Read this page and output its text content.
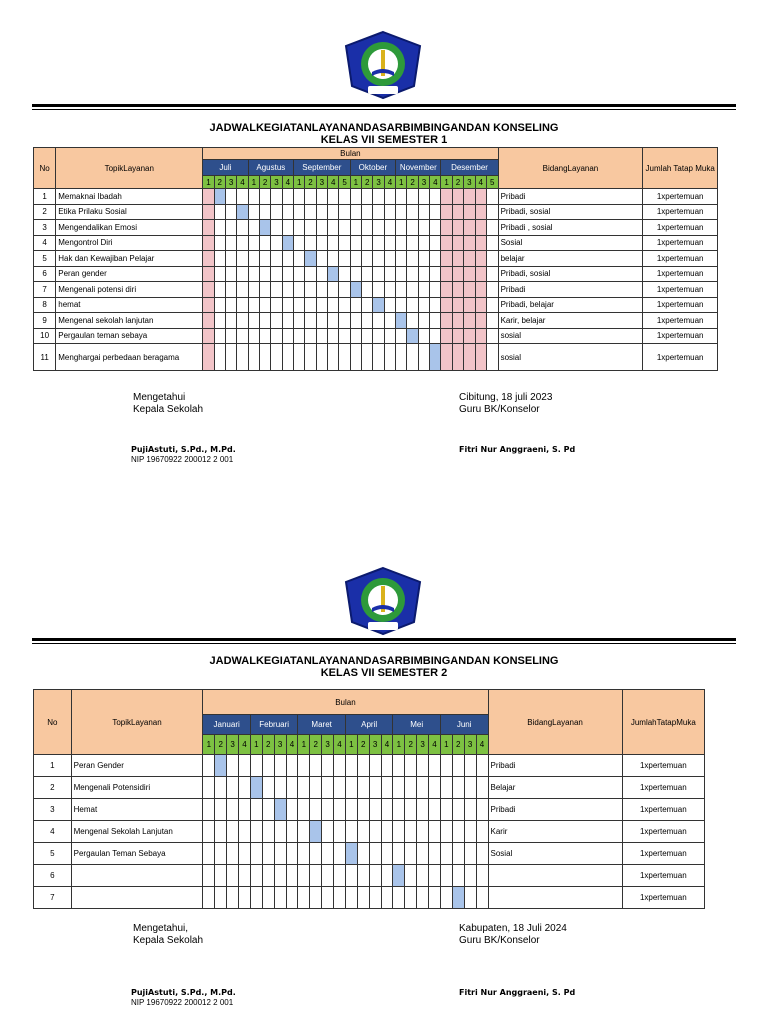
JADWALKEGIATANLAYANANDASARBIMBINGANDAN KONSELING
KELAS VII SEMESTER 1
No	TopikLayanan	Bulan																										BidangLayanan	Jumlah Tatap Muka
		Juli				Agustus				September					Oktober				November				Desember						
		1	2	3	4	1	2	3	4	1	2	3	4	5	1	2	3	4	1	2	3	4	1	2	3	4	5		
1	Memaknai Ibadah																											Pribadi	1xpertemuan
2	Etika Prilaku Sosial																											Pribadi, sosial	1xpertemuan
3	Mengendalikan Emosi																											Pribadi , sosial	1xpertemuan
4	Mengontrol Diri																											Sosial	1xpertemuan
5	Hak dan Kewajiban Pelajar																											belajar	1xpertemuan
6	Peran gender																											Pribadi, sosial	1xpertemuan
7	Mengenali potensi diri																											Pribadi	1xpertemuan
8	hemat																											Pribadi, belajar	1xpertemuan
9	Mengenal sekolah lanjutan																											Karir, belajar	1xpertemuan
10	Pergaulan teman sebaya																											sosial	1xpertemuan
11	Menghargai perbedaan beragama																											sosial	1xpertemuan
Mengetahui
Kepala Sekolah
Cibitung, 18 juli 2023
Guru BK/Konselor
PujiAstuti, S.Pd., M.Pd.
NIP 19670922 200012 2 001
Fitri Nur Anggraeni, S. Pd
JADWALKEGIATANLAYANANDASARBIMBINGANDAN KONSELING
KELAS VII SEMESTER 2
No	TopikLayanan	Bulan																								BidangLayanan	JumlahTatapMuka
		Januari				Februari				Maret				April				Mei				Juni					
		1	2	3	4	1	2	3	4	1	2	3	4	1	2	3	4	1	2	3	4	1	2	3	4		
1	Peran Gender																									Pribadi	1xpertemuan
2	Mengenali Potensidiri																									Belajar	1xpertemuan
3	Hemat																									Pribadi	1xpertemuan
4	Mengenal Sekolah Lanjutan																									Karir	1xpertemuan
5	Pergaulan Teman Sebaya																									Sosial	1xpertemuan
6																											1xpertemuan
7																											1xpertemuan
Mengetahui,
Kepala Sekolah
Kabupaten, 18 Juli 2024
Guru BK/Konselor
PujiAstuti, S.Pd., M.Pd.
NIP 19670922 200012 2 001
Fitri Nur Anggraeni, S. Pd
